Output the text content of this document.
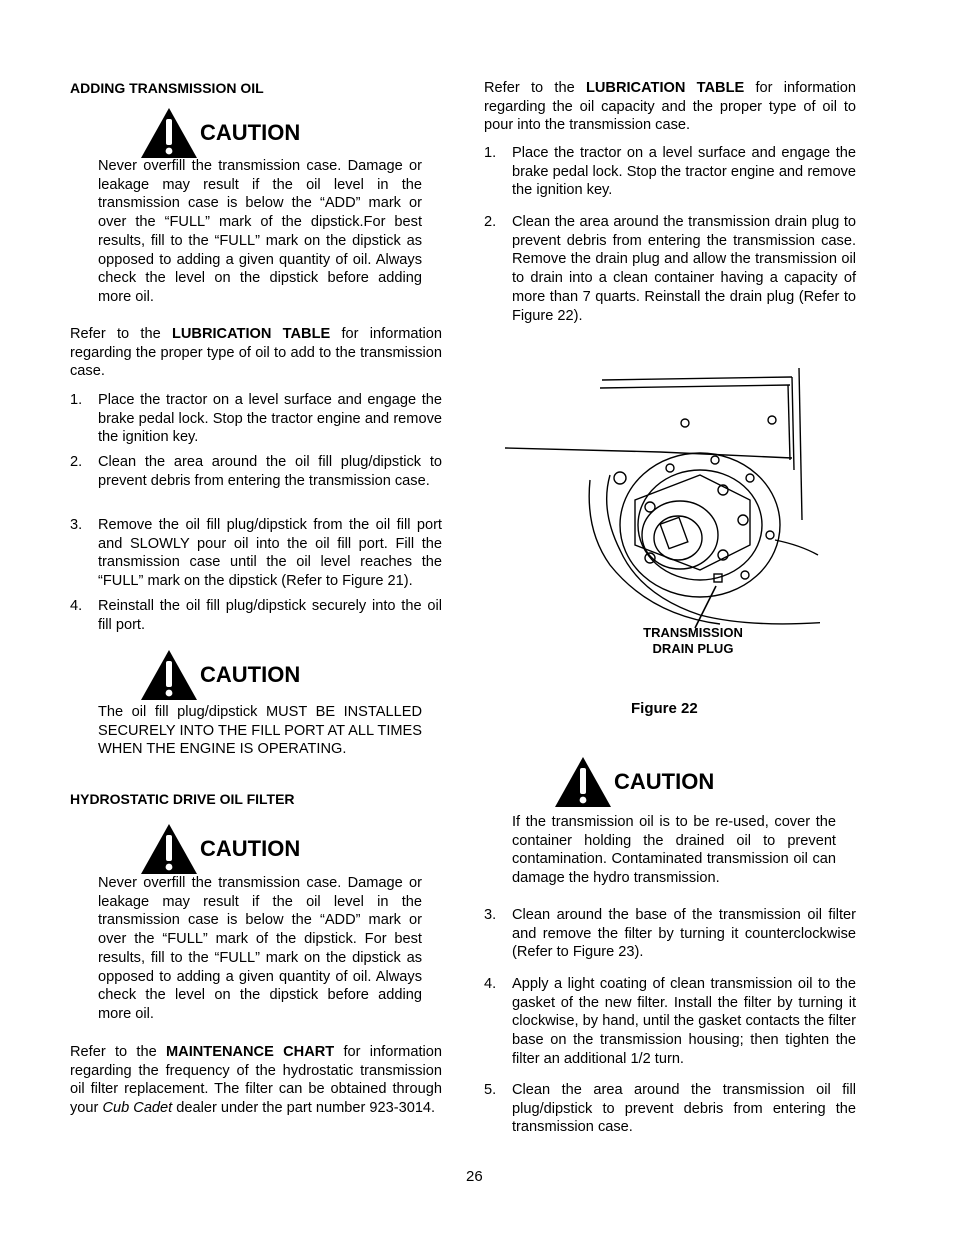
ADDING TRANSMISSION OIL
CAUTION

Never overfill the transmission case. Damage or leakage may result if the oil level in the transmission case is below the “ADD” mark or over the “FULL” mark of the dipstick.For best results, fill to the “FULL” mark on the dipstick as opposed to adding a given quantity of oil. Always check the level on the dipstick before adding more oil.

Refer to the LUBRICATION TABLE for information regarding the proper type of oil to add to the transmission case.

1. Place the tractor on a level surface and engage the brake pedal lock. Stop the tractor engine and remove the ignition key.
2. Clean the area around the oil fill plug/dipstick to prevent debris from entering the transmission case.
3. Remove the oil fill plug/dipstick from the oil fill port and SLOWLY pour oil into the oil fill port. Fill the transmission case until the oil level reaches the “FULL” mark on the dipstick (Refer to Figure 21).
4. Reinstall the oil fill plug/dipstick securely into the oil fill port.
CAUTION

The oil fill plug/dipstick MUST BE INSTALLED SECURELY INTO THE FILL PORT AT ALL TIMES WHEN THE ENGINE IS OPERATING.

HYDROSTATIC DRIVE OIL FILTER
CAUTION

Never overfill the transmission case. Damage or leakage may result if the oil level in the transmission case is below the “ADD” mark or over the “FULL” mark of the dipstick. For best results, fill to the “FULL” mark on the dipstick as opposed to adding a given quantity of oil. Always check the level on the dipstick before adding more oil.

Refer to the MAINTENANCE CHART for information regarding the frequency of the hydrostatic transmission oil filter replacement. The filter can be obtained through your Cub Cadet dealer under the part number 923-3014.

Refer to the LUBRICATION TABLE for information regarding the oil capacity and the proper type of oil to pour into the transmission case.

1. Place the tractor on a level surface and engage the brake pedal lock. Stop the tractor engine and remove the ignition key.
2. Clean the area around the transmission drain plug to prevent debris from entering the transmission case. Remove the drain plug and allow the transmission oil to drain into a clean container having a capacity of more than 7 quarts. Reinstall the drain plug (Refer to Figure 22).
TRANSMISSION
DRAIN PLUG
Figure 22
CAUTION

If the transmission oil is to be re-used, cover the container holding the drained oil to prevent contamination. Contaminated transmission oil can damage the hydro transmission.

3. Clean around the base of the transmission oil filter and remove the filter by turning it counterclockwise (Refer to Figure 23).
4. Apply a light coating of clean transmission oil to the gasket of the new filter. Install the filter by turning it clockwise, by hand, until the gasket contacts the filter base on the transmission housing; then tighten the filter an additional 1/2 turn.
5. Clean the area around the transmission oil fill plug/dipstick to prevent debris from entering the transmission case.
26
